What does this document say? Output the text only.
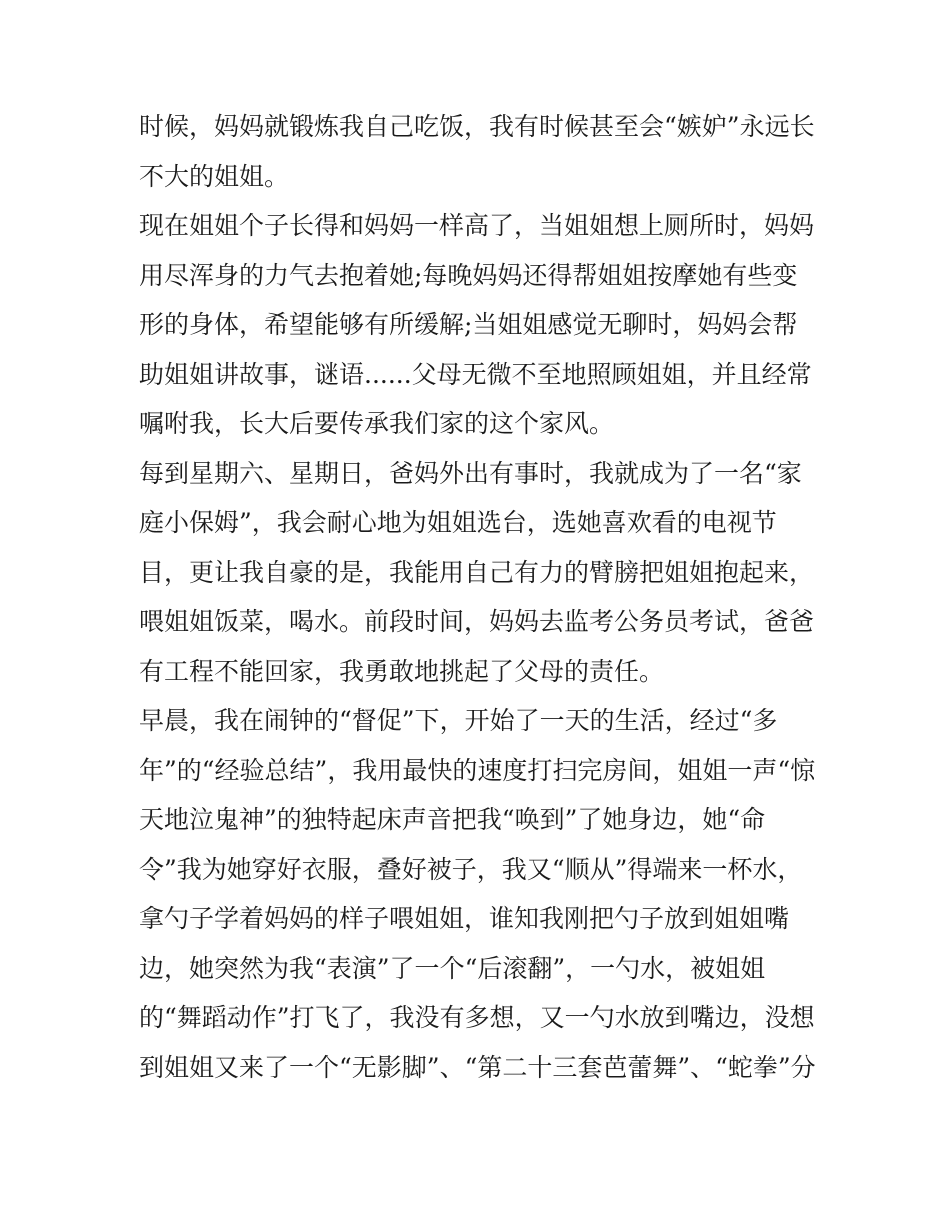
时候，妈妈就锻炼我自己吃饭，我有时候甚至会“嫉妒”永远长
不大的姐姐。
现在姐姐个子长得和妈妈一样高了，当姐姐想上厕所时，妈妈
用尽浑身的力气去抱着她;每晚妈妈还得帮姐姐按摩她有些变
形的身体，希望能够有所缓解;当姐姐感觉无聊时，妈妈会帮
助姐姐讲故事，谜语......父母无微不至地照顾姐姐，并且经常
嘱咐我，长大后要传承我们家的这个家风。
每到星期六、星期日，爸妈外出有事时，我就成为了一名“家
庭小保姆”，我会耐心地为姐姐选台，选她喜欢看的电视节
目，更让我自豪的是，我能用自己有力的臂膀把姐姐抱起来，
喂姐姐饭菜，喝水。前段时间，妈妈去监考公务员考试，爸爸
有工程不能回家，我勇敢地挑起了父母的责任。
早晨，我在闹钟的“督促”下，开始了一天的生活，经过“多
年”的“经验总结”，我用最快的速度打扫完房间，姐姐一声“惊
天地泣鬼神”的独特起床声音把我“唤到”了她身边，她“命
令”我为她穿好衣服，叠好被子，我又“顺从”得端来一杯水，
拿勺子学着妈妈的样子喂姐姐，谁知我刚把勺子放到姐姐嘴
边，她突然为我“表演”了一个“后滚翻”，一勺水，被姐姐
的“舞蹈动作”打飞了，我没有多想，又一勺水放到嘴边，没想
到姐姐又来了一个“无影脚”、“第二十三套芭蕾舞”、“蛇拳”分
